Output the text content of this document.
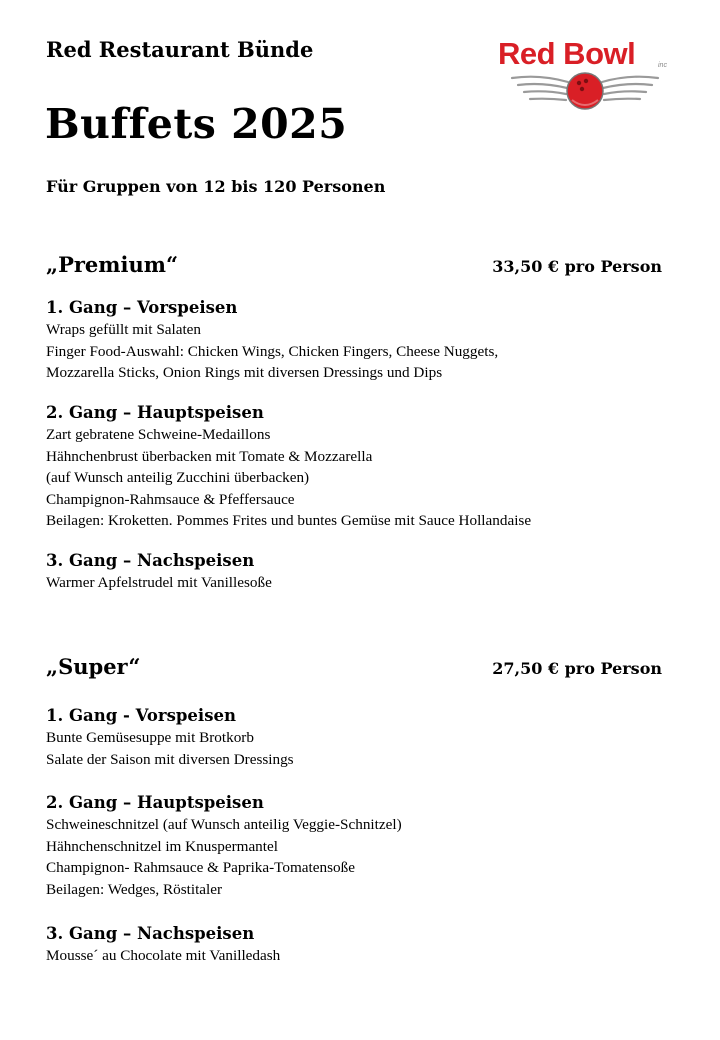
Red Restaurant Bünde
Buffets 2025
Für Gruppen von 12 bis 120 Personen
Red Bowl	inc
„Premium“	33,50 € pro Person
1. Gang – Vorspeisen
Wraps gefüllt mit Salaten
Finger Food-Auswahl: Chicken Wings, Chicken Fingers, Cheese Nuggets,
Mozzarella Sticks, Onion Rings mit diversen Dressings und Dips
2. Gang – Hauptspeisen
Zart gebratene Schweine-Medaillons
Hähnchenbrust überbacken mit Tomate & Mozzarella
(auf Wunsch anteilig Zucchini überbacken)
Champignon-Rahmsauce & Pfeffersauce
Beilagen: Kroketten. Pommes Frites und buntes Gemüse mit Sauce Hollandaise
3. Gang – Nachspeisen
Warmer Apfelstrudel mit Vanillesoße
„Super“	27,50 € pro Person
1. Gang - Vorspeisen
Bunte Gemüsesuppe mit Brotkorb
Salate der Saison mit diversen Dressings
2. Gang – Hauptspeisen
Schweineschnitzel (auf Wunsch anteilig Veggie-Schnitzel)
Hähnchenschnitzel im Knuspermantel
Champignon- Rahmsauce & Paprika-Tomatensoße
Beilagen: Wedges, Röstitaler
3. Gang – Nachspeisen
Mousse´ au Chocolate mit Vanilledash
